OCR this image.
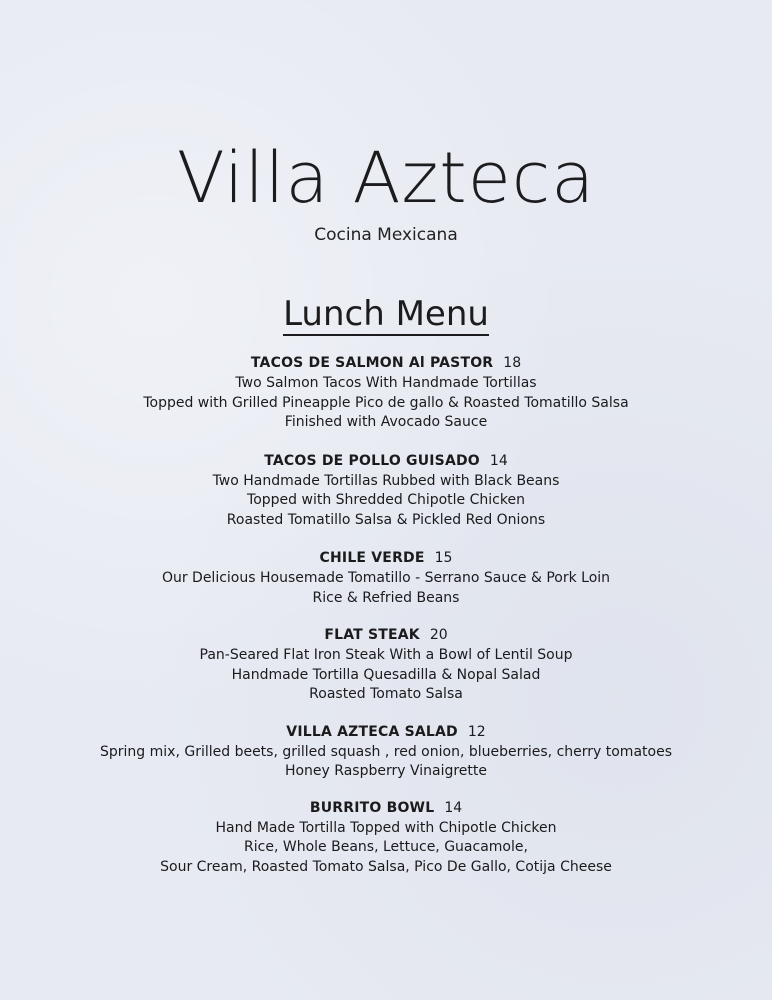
Villa Azteca
Cocina Mexicana
Lunch Menu
TACOS DE SALMON Al PASTOR 18
Two Salmon Tacos With Handmade Tortillas
Topped with Grilled Pineapple Pico de gallo & Roasted Tomatillo Salsa
Finished with Avocado Sauce
TACOS DE POLLO GUISADO 14
Two Handmade Tortillas Rubbed with Black Beans
Topped with Shredded Chipotle Chicken
Roasted Tomatillo Salsa & Pickled Red Onions
CHILE VERDE 15
Our Delicious Housemade Tomatillo - Serrano Sauce & Pork Loin
Rice & Refried Beans
FLAT STEAK 20
Pan-Seared Flat Iron Steak With a Bowl of Lentil Soup
Handmade Tortilla Quesadilla & Nopal Salad
Roasted Tomato Salsa
VILLA AZTECA SALAD 12
Spring mix, Grilled beets, grilled squash , red onion, blueberries, cherry tomatoes
Honey Raspberry Vinaigrette
BURRITO BOWL 14
Hand Made Tortilla Topped with Chipotle Chicken
Rice, Whole Beans, Lettuce, Guacamole,
Sour Cream, Roasted Tomato Salsa, Pico De Gallo, Cotija Cheese
